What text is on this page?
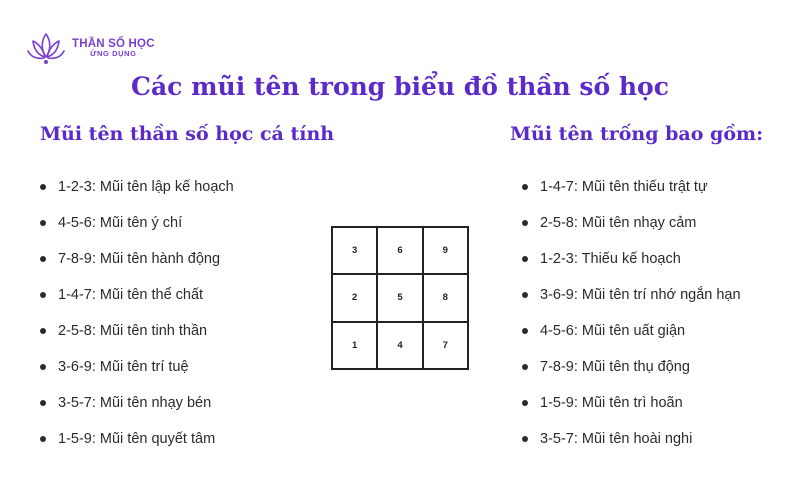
THẦN SỐ HỌC
ỨNG DỤNG
Các mũi tên trong biểu đồ thần số học
Mũi tên thần số học cá tính
1-2-3: Mũi tên lập kế hoạch
4-5-6: Mũi tên ý chí
7-8-9: Mũi tên hành động
1-4-7: Mũi tên thể chất
2-5-8: Mũi tên tinh thần
3-6-9: Mũi tên trí tuệ
3-5-7: Mũi tên nhạy bén
1-5-9: Mũi tên quyết tâm
3	6	9
2	5	8
1	4	7
Mũi tên trống bao gồm:
1-4-7: Mũi tên thiếu trật tự
2-5-8: Mũi tên nhạy cảm
1-2-3: Thiếu kế hoạch
3-6-9: Mũi tên trí nhớ ngắn hạn
4-5-6: Mũi tên uất giận
7-8-9: Mũi tên thụ động
1-5-9: Mũi tên trì hoãn
3-5-7: Mũi tên hoài nghi
